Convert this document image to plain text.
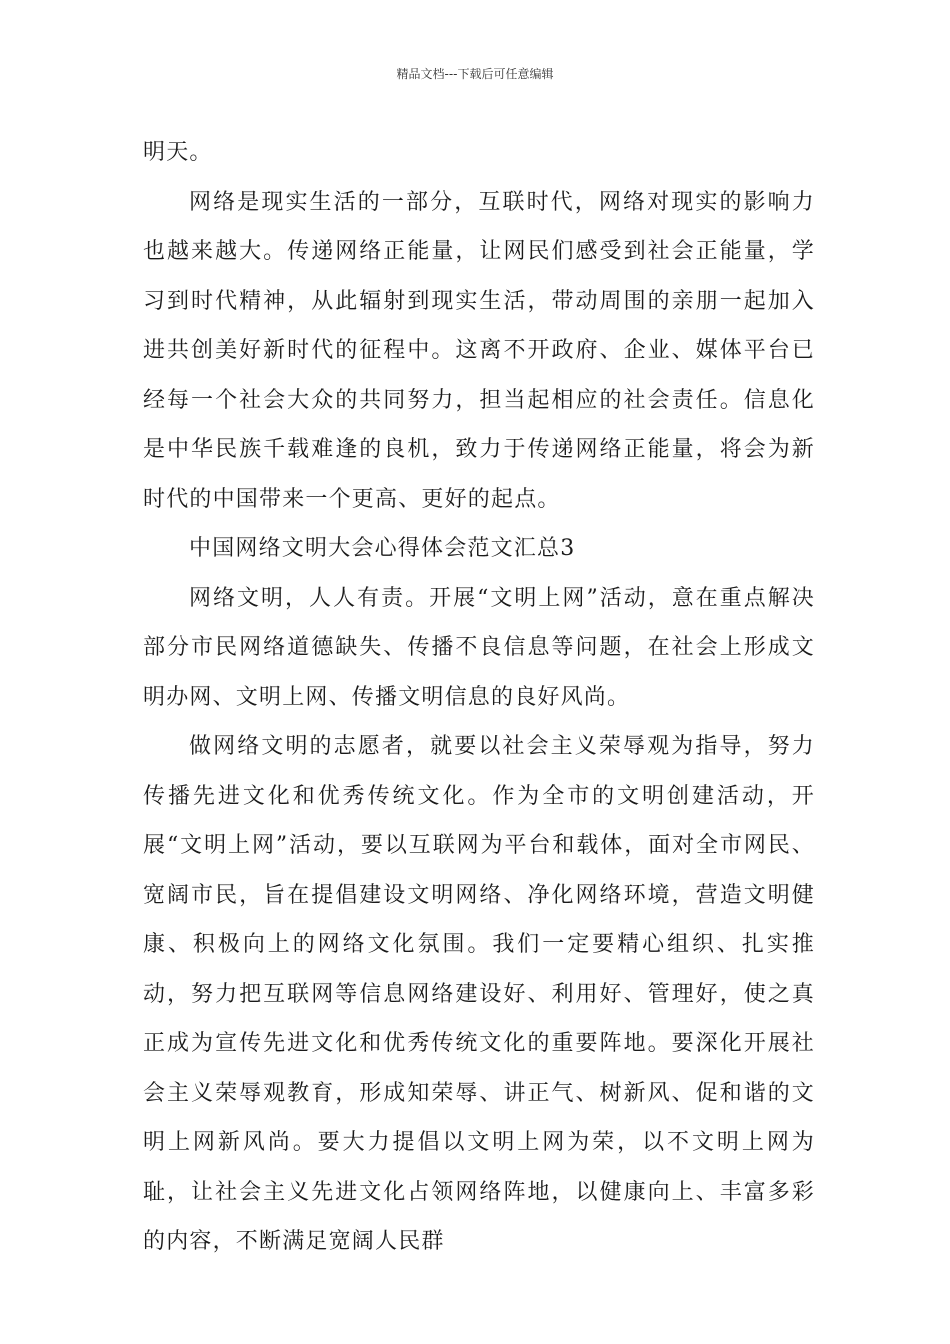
精品文档---下载后可任意编辑

明天。

网络是现实生活的一部分，互联时代，网络对现实的影响力也越来越大。传递网络正能量，让网民们感受到社会正能量，学习到时代精神，从此辐射到现实生活，带动周围的亲朋一起加入进共创美好新时代的征程中。这离不开政府、企业、媒体平台已经每一个社会大众的共同努力，担当起相应的社会责任。信息化是中华民族千载难逢的良机，致力于传递网络正能量，将会为新时代的中国带来一个更高、更好的起点。

中国网络文明大会心得体会范文汇总3

网络文明，人人有责。开展“文明上网”活动，意在重点解决部分市民网络道德缺失、传播不良信息等问题，在社会上形成文明办网、文明上网、传播文明信息的良好风尚。

做网络文明的志愿者，就要以社会主义荣辱观为指导，努力传播先进文化和优秀传统文化。作为全市的文明创建活动，开展“文明上网”活动，要以互联网为平台和载体，面对全市网民、宽阔市民，旨在提倡建设文明网络、净化网络环境，营造文明健康、积极向上的网络文化氛围。我们一定要精心组织、扎实推动，努力把互联网等信息网络建设好、利用好、管理好，使之真正成为宣传先进文化和优秀传统文化的重要阵地。要深化开展社会主义荣辱观教育，形成知荣辱、讲正气、树新风、促和谐的文明上网新风尚。要大力提倡以文明上网为荣，以不文明上网为耻，让社会主义先进文化占领网络阵地，以健康向上、丰富多彩的内容，不断满足宽阔人民群
